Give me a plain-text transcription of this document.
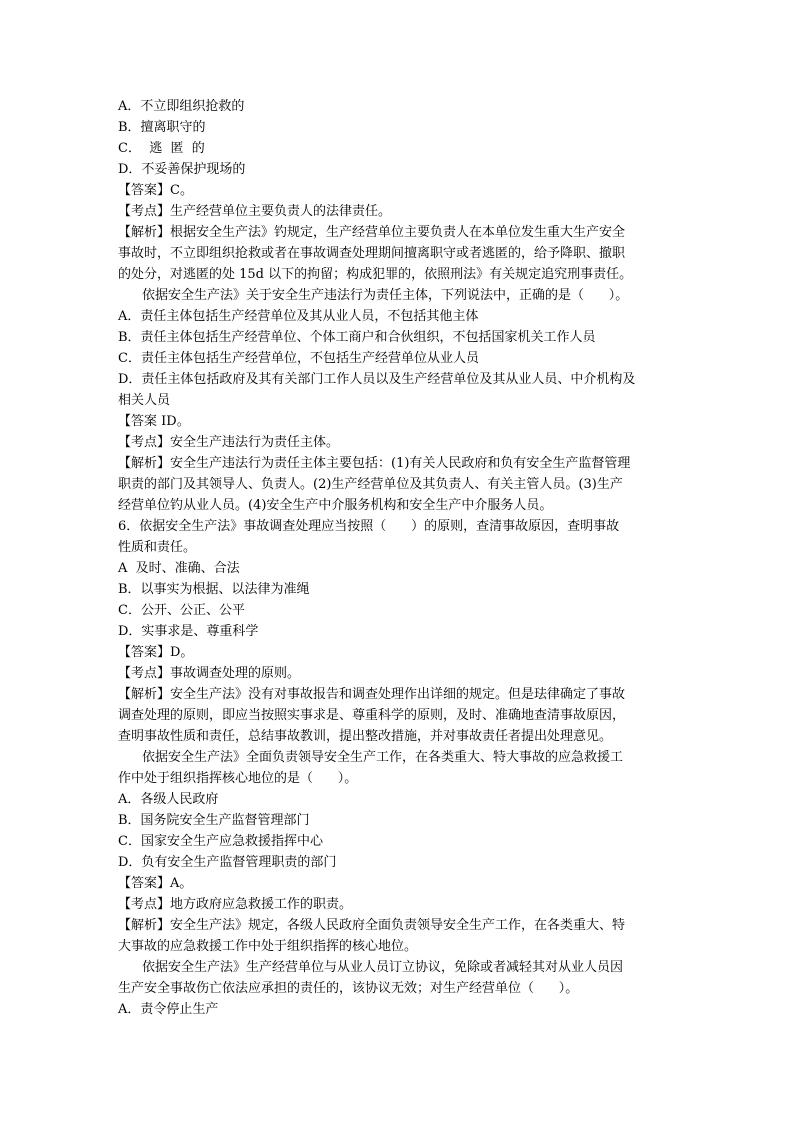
A．不立即组织抢救的
B．擅离职守的
C．  逃  匿  的
D．不妥善保护现场的
【答案】C。
【考点】生产经营单位主要负责人的法律责任。
【解析】根据安全生产法》钓规定，生产经营单位主要负责人在本单位发生重大生产安全
事故时，不立即组织抢救或者在事故调查处理期间擅离职守或者逃匿的，给予降职、撤职
的处分，对逃匿的处 15d 以下的拘留；构成犯罪的，依照刑法》有关规定追究刑事责任。
依据安全生产法》关于安全生产违法行为责任主体，下列说法中，正确的是（      ）。
A．责任主体包括生产经营单位及其从业人员，不包括其他主体
B．责任主体包括生产经营单位、个体工商户和合伙组织，不包括国家机关工作人员
C．责任主体包括生产经营单位，不包括生产经营单位从业人员
D．责任主体包括政府及其有关部门工作人员以及生产经营单位及其从业人员、中介机构及
相关人员
【答案 ID。
【考点】安全生产违法行为责任主体。
【解析】安全生产违法行为责任主体主要包括：(1)有关人民政府和负有安全生产监督管理
职责的部门及其领导人、负责人。(2)生产经营单位及其负责人、有关主管人员。(3)生产
经营单位钓从业人员。(4)安全生产中介服务机构和安全生产中介服务人员。
6．依据安全生产法》事故调查处理应当按照（      ）的原则，查清事故原因，查明事故
性质和责任。
A  及时、准确、合法
B．以事实为根据、以法律为准绳
C．公开、公正、公平
D．实事求是、尊重科学
【答案】D。
【考点】事故调查处理的原则。
【解析】安全生产法》没有对事故报告和调查处理作出详细的规定。但是珐律确定了事故
调查处理的原则，即应当按照实事求是、尊重科学的原则，及时、准确地查清事故原因，
查明事故性质和责任，总结事故教训，提出整改措施，并对事故责任者提出处理意见。
依据安全生产法》全面负责领导安全生产工作，在各类重大、特大事故的应急救援工
作中处于组织指挥核心地位的是（      ）。
A．各级人民政府
B．国务院安全生产监督管理部门
C．国家安全生产应急救援指挥中心
D．负有安全生产监督管理职责的部门
【答案】A。
【考点】地方政府应急救援工作的职责。
【解析】安全生产法》规定，各级人民政府全面负责领导安全生产工作，在各类重大、特
大事故的应急救援工作中处于组织指挥的核心地位。
依据安全生产法》生产经营单位与从业人员订立协议，免除或者减轻其对从业人员因
生产安全事故伤亡依法应承担的责任的，该协议无效；对生产经营单位（      ）。
A．责令停止生产
